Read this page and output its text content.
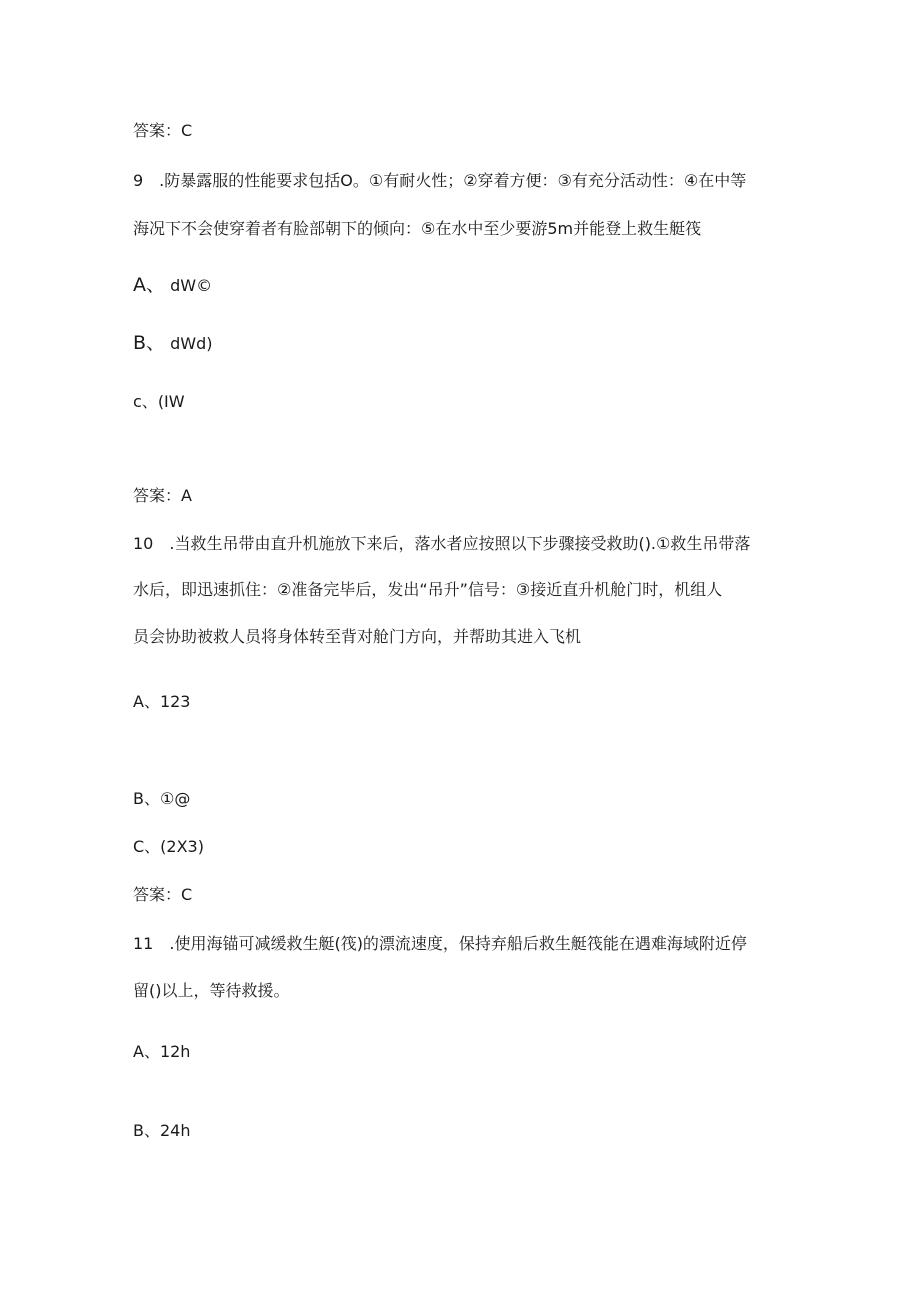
答案：C
9　.防暴露服的性能要求包括O。①有耐火性；②穿着方便：③有充分活动性：④在中等
海况下不会使穿着者有脸部朝下的倾向：⑤在水中至少要游5m并能登上救生艇筏
A、 dW©
B、 dWd)
c、(IW
答案：A
10　.当救生吊带由直升机施放下来后，落水者应按照以下步骤接受救助().①救生吊带落
水后，即迅速抓住：②准备完毕后，发出“吊升”信号：③接近直升机舱门时，机组人
员会协助被救人员将身体转至背对舱门方向，并帮助其进入飞机
A、123
B、①@
C、(2X3)
答案：C
11　.使用海锚可减缓救生艇(筏)的漂流速度，保持弃船后救生艇筏能在遇难海域附近停
留()以上，等待救援。
A、12h
B、24h
